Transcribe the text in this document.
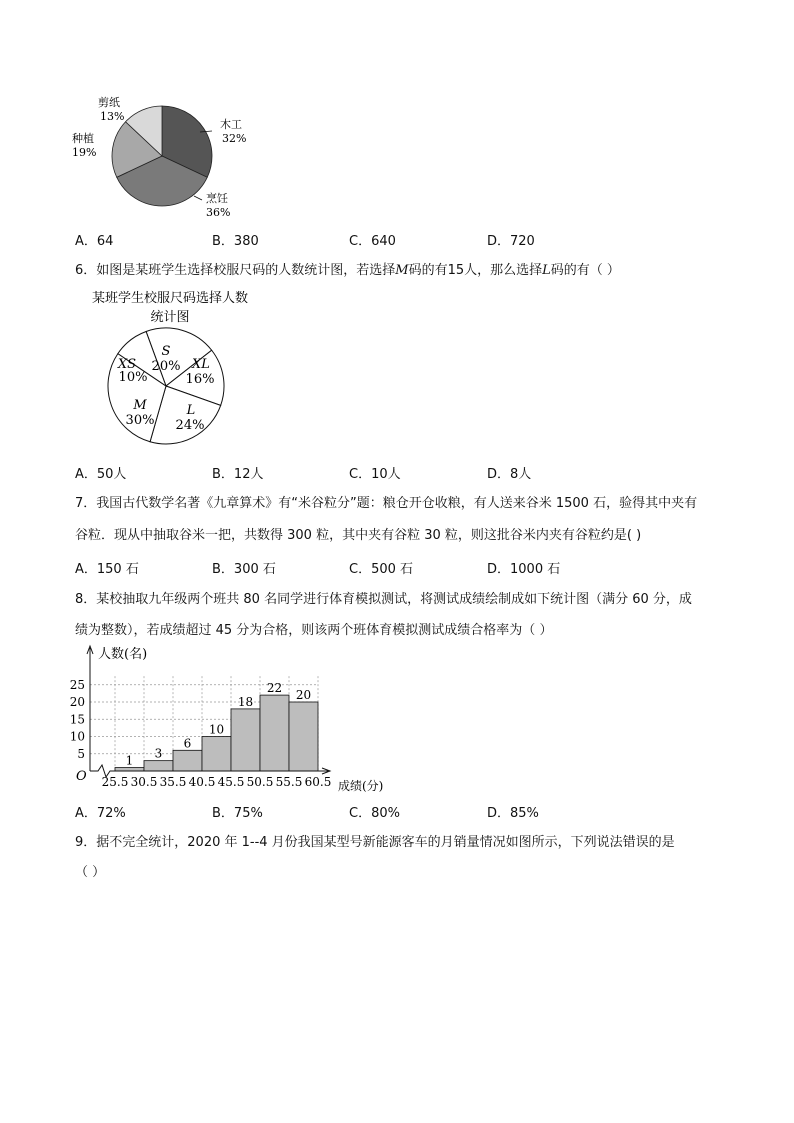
剪纸
13%
木工
32%
种植
19%
烹饪
36%
A．64	B．380	C．640	D．720
6．如图是某班学生选择校服尺码的人数统计图，若选择M码的有15人，那么选择L码的有（ ）
某班学生校服尺码选择人数
统计图
S
20% XL
16%
L
24%
M
30%
XS
10%
A．50人	B．12人	C．10人	D．8人
7．我国古代数学名著《九章算术》有“米谷粒分”题：粮仓开仓收粮，有人送来谷米 1500 石，验得其中夹有
谷粒．现从中抽取谷米一把，共数得 300 粒，其中夹有谷粒 30 粒，则这批谷米内夹有谷粒约是( )
A．150 石	B．300 石	C．500 石	D．1000 石
8．某校抽取九年级两个班共 80 名同学进行体育模拟测试，将测试成绩绘制成如下统计图（满分 60 分，成
绩为整数），若成绩超过 45 分为合格，则该两个班体育模拟测试成绩合格率为（ ）
1 3
6
10
18
22 20
5
10
15
20
25
25.5 30.5 35.5 40.5 45.5 50.5 55.5 60.5
人数(名)
成绩(分)
O
A．72%	B．75%	C．80%	D．85%
9．据不完全统计，2020 年 1--4 月份我国某型号新能源客车的月销量情况如图所示，下列说法错误的是
（ ）
